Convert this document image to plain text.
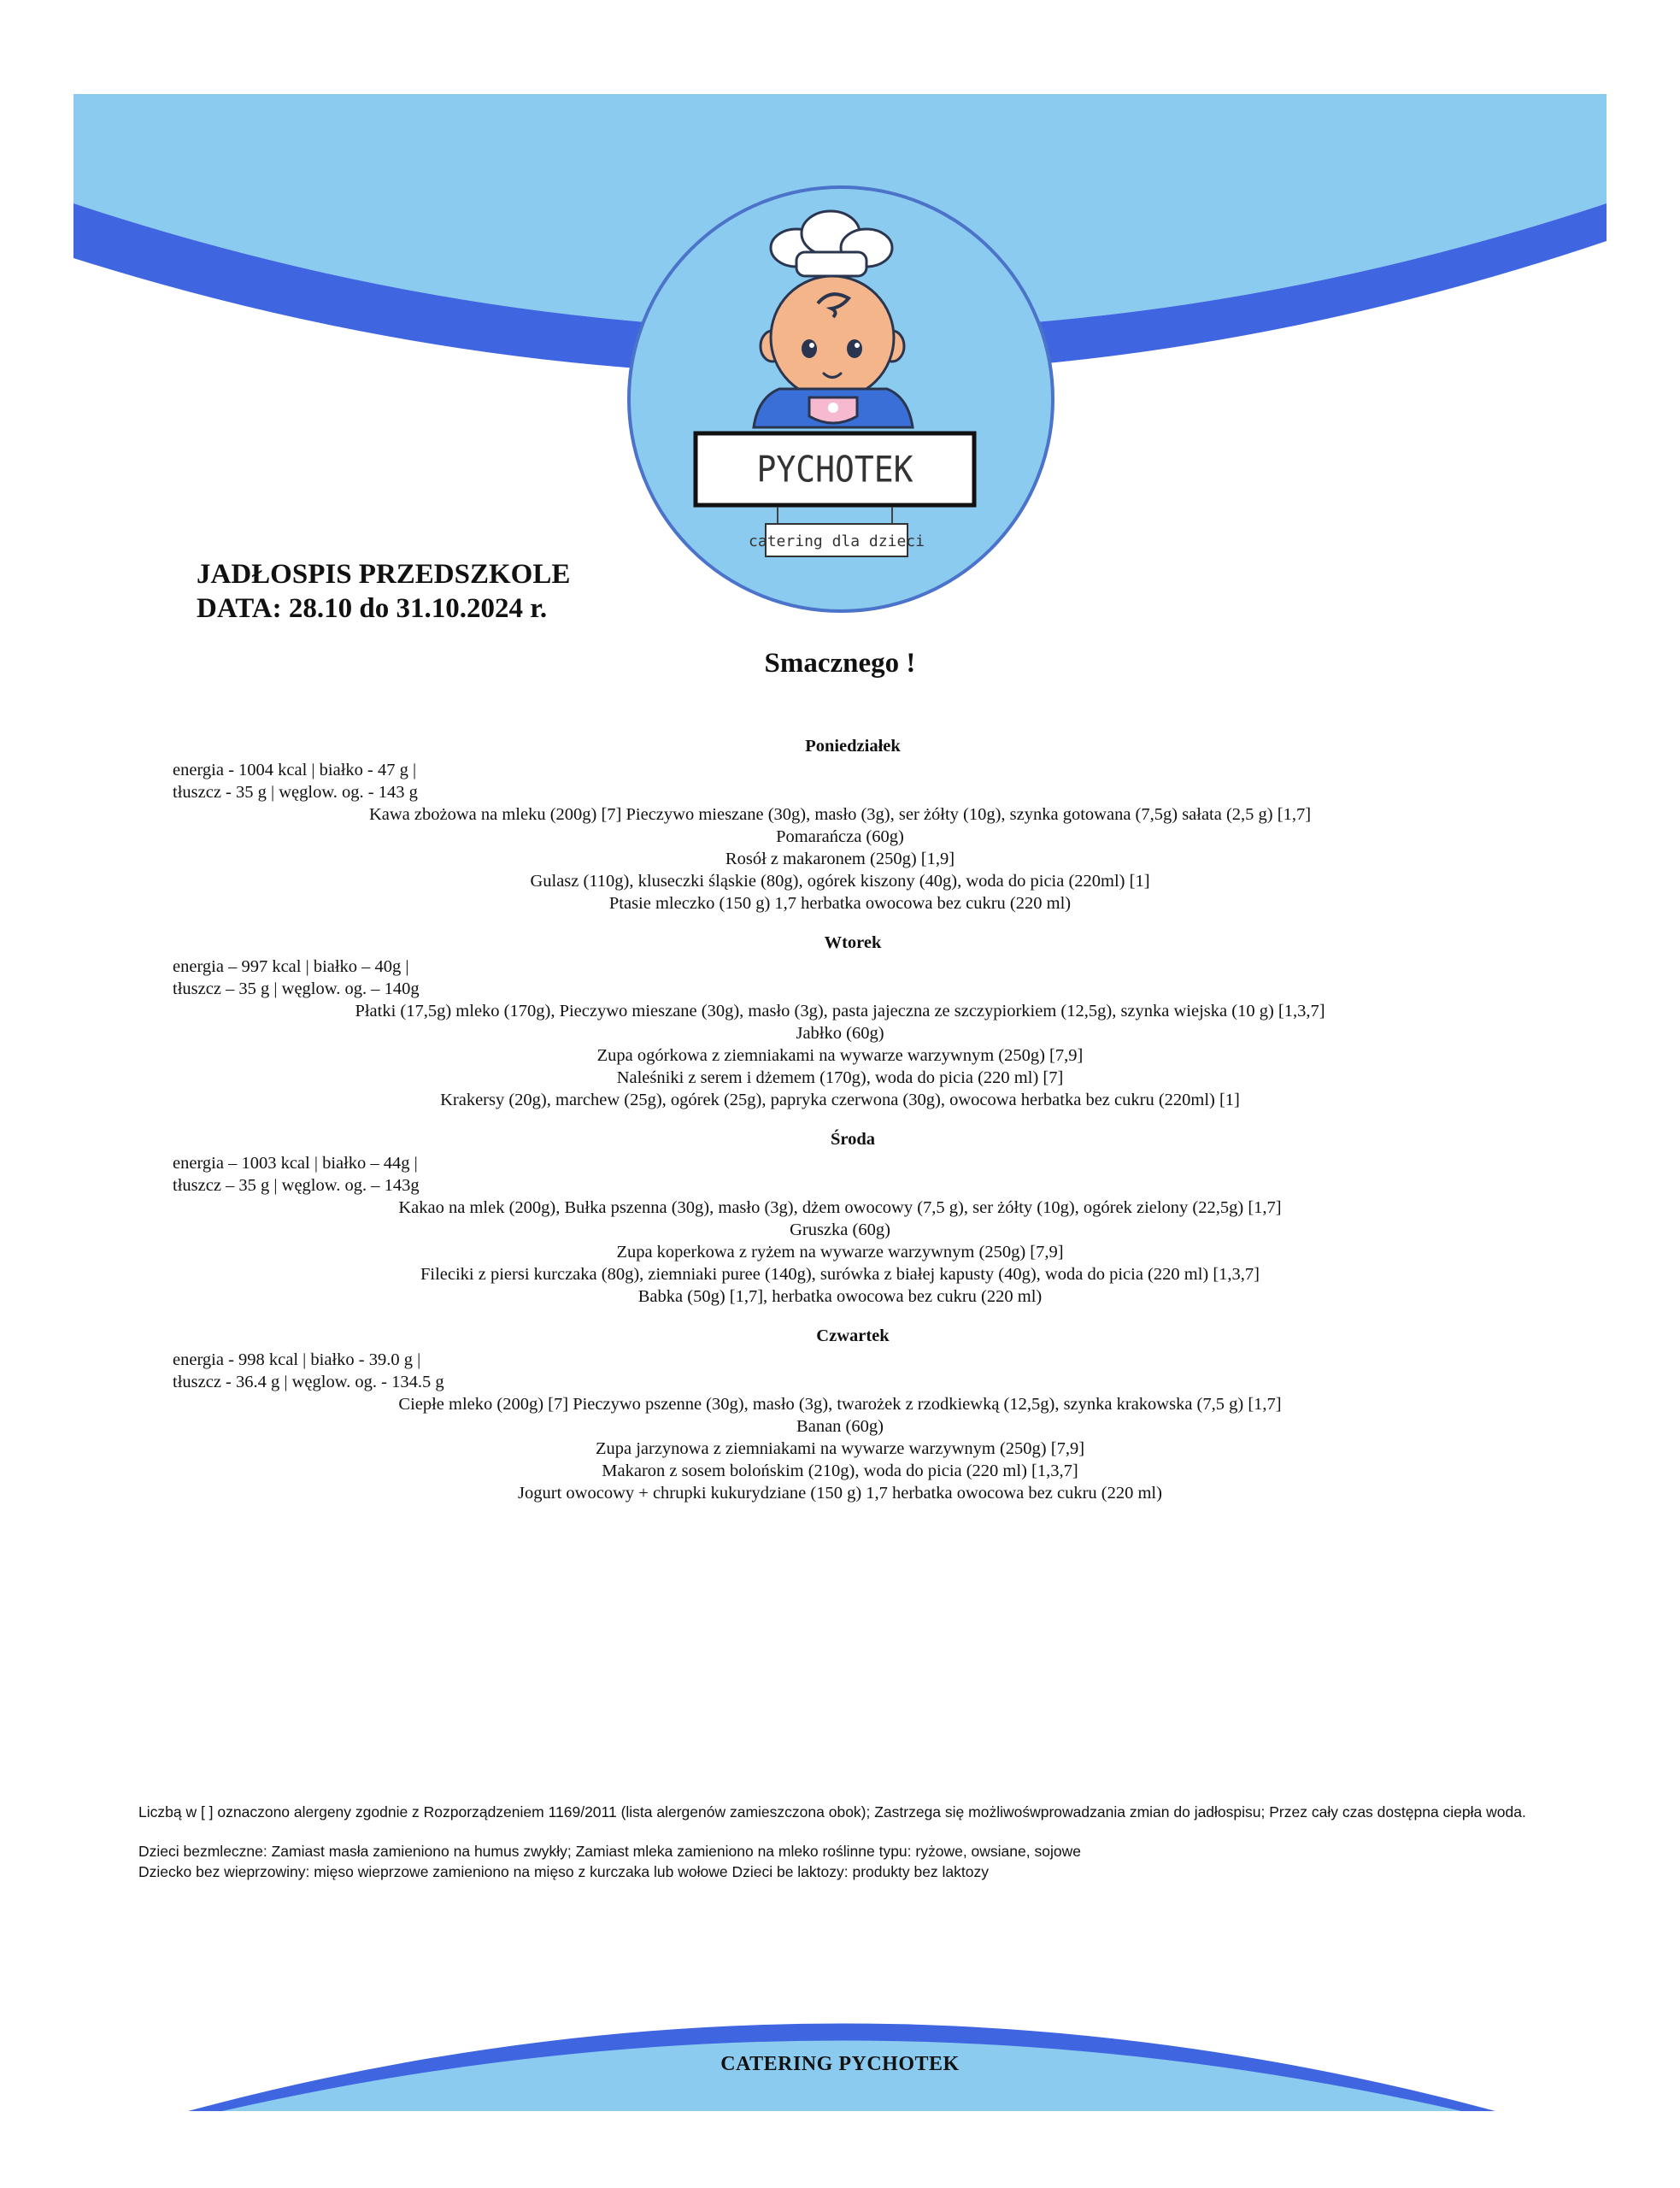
PYCHOTEK
catering dla dzieci
JADŁOSPIS PRZEDSZKOLE
DATA: 28.10 do 31.10.2024 r.
Smacznego !
Poniedziałek
energia - 1004 kcal | białko - 47 g |
tłuszcz - 35 g | węglow. og. - 143 g
Kawa zbożowa na mleku (200g) [7] Pieczywo mieszane (30g), masło (3g), ser żółty (10g), szynka gotowana (7,5g) sałata (2,5 g) [1,7]
Pomarańcza (60g)
Rosół z makaronem (250g) [1,9]
Gulasz (110g), kluseczki śląskie (80g), ogórek kiszony (40g), woda do picia (220ml) [1]
Ptasie mleczko (150 g) 1,7 herbatka owocowa bez cukru (220 ml)
Wtorek
energia – 997 kcal | białko – 40g |
tłuszcz – 35 g | węglow. og. – 140g
Płatki (17,5g) mleko (170g), Pieczywo mieszane (30g), masło (3g), pasta jajeczna ze szczypiorkiem (12,5g), szynka wiejska (10 g) [1,3,7]
Jabłko (60g)
Zupa ogórkowa z ziemniakami na wywarze warzywnym (250g) [7,9]
Naleśniki z serem i dżemem (170g), woda do picia (220 ml) [7]
Krakersy (20g), marchew (25g), ogórek (25g), papryka czerwona (30g), owocowa herbatka bez cukru (220ml) [1]
Środa
energia – 1003 kcal | białko – 44g |
tłuszcz – 35 g | węglow. og. – 143g
Kakao na mlek (200g), Bułka pszenna (30g), masło (3g), dżem owocowy (7,5 g), ser żółty (10g), ogórek zielony (22,5g) [1,7]
Gruszka (60g)
Zupa koperkowa z ryżem na wywarze warzywnym (250g) [7,9]
Fileciki z piersi kurczaka (80g), ziemniaki puree (140g), surówka z białej kapusty (40g), woda do picia (220 ml) [1,3,7]
Babka (50g) [1,7], herbatka owocowa bez cukru (220 ml)
Czwartek
energia - 998 kcal | białko - 39.0 g |
tłuszcz - 36.4 g | węglow. og. - 134.5 g
Ciepłe mleko (200g) [7] Pieczywo pszenne (30g), masło (3g), twarożek z rzodkiewką (12,5g), szynka krakowska (7,5 g) [1,7]
Banan (60g)
Zupa jarzynowa z ziemniakami na wywarze warzywnym (250g) [7,9]
Makaron z sosem bolońskim (210g), woda do picia (220 ml) [1,3,7]
Jogurt owocowy + chrupki kukurydziane (150 g) 1,7 herbatka owocowa bez cukru (220 ml)

Liczbą w [ ] oznaczono alergeny zgodnie z Rozporządzeniem 1169/2011 (lista alergenów zamieszczona obok); Zastrzega się możliwośwprowadzania zmian do jadłospisu; Przez cały czas dostępna ciepła woda.

Dzieci bezmleczne: Zamiast masła zamieniono na humus zwykły; Zamiast mleka zamieniono na mleko roślinne typu: ryżowe, owsiane, sojowe

Dziecko bez wieprzowiny: mięso wieprzowe zamieniono na mięso z kurczaka lub wołowe Dzieci be laktozy: produkty bez laktozy

CATERING PYCHOTEK
